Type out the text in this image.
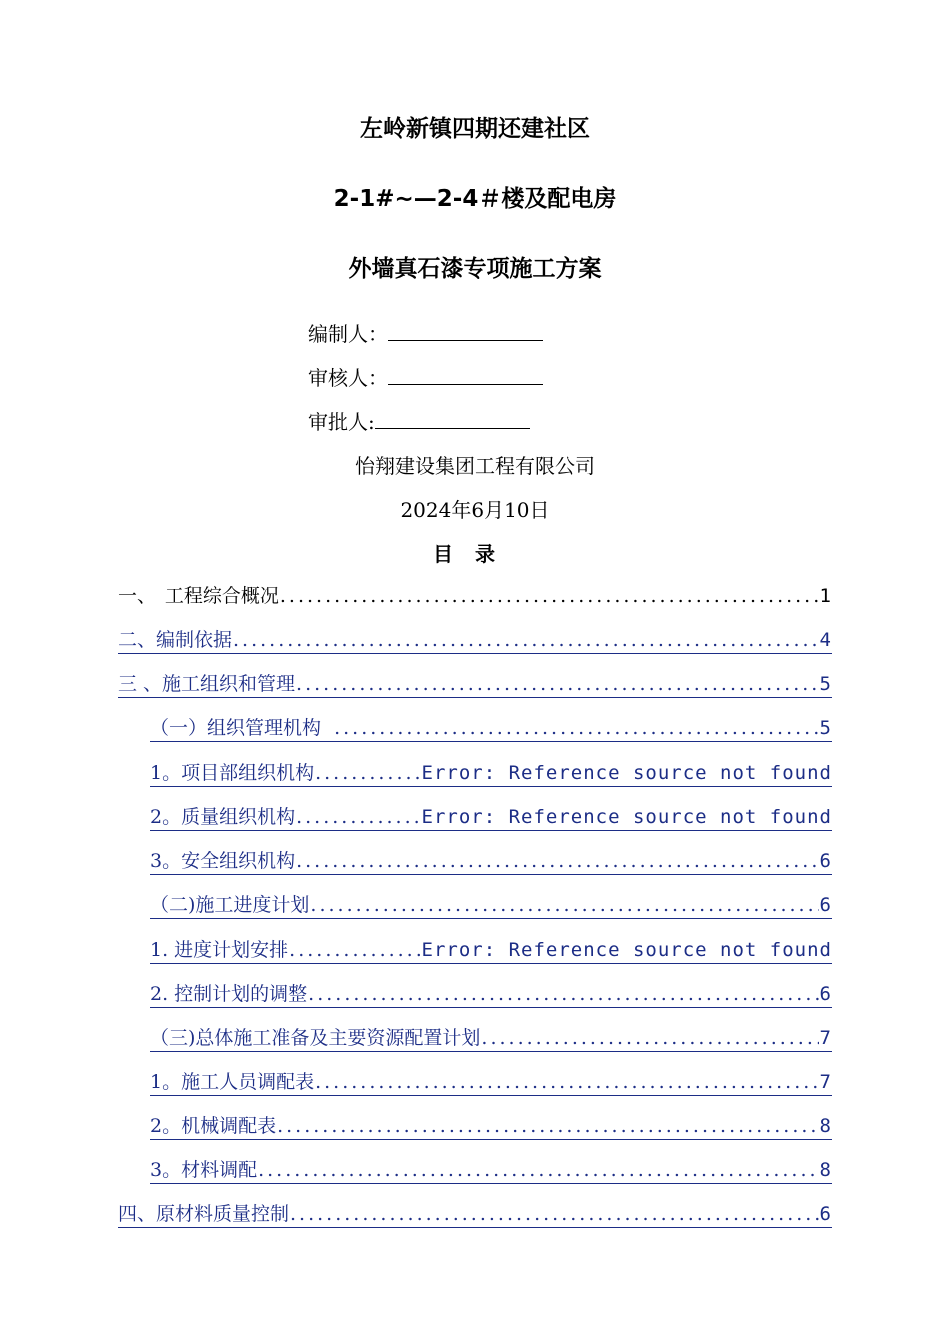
左岭新镇四期还建社区
2-1#~—2-4＃楼及配电房
外墙真石漆专项施工方案
编制人：
审核人：
审批人:
怡翔建设集团工程有限公司
2024年6月10日
目录
一、 工程综合概况 .....	1
二、编制依据 .....	4
三 、施工组织和管理 .....	5
（一）组织管理机构 .....	5
1。项目部组织机构 .....	Error: Reference source not found
2。质量组织机构 .....	Error: Reference source not found
3。安全组织机构 .....	6
（二)施工进度计划 .....	6
1. 进度计划安排 .....	Error: Reference source not found
2. 控制计划的调整 .....	6
（三)总体施工准备及主要资源配置计划 .....	7
1。施工人员调配表 .....	7
2。机械调配表 .....	8
3。材料调配 .....	8
四、原材料质量控制 .....	6
